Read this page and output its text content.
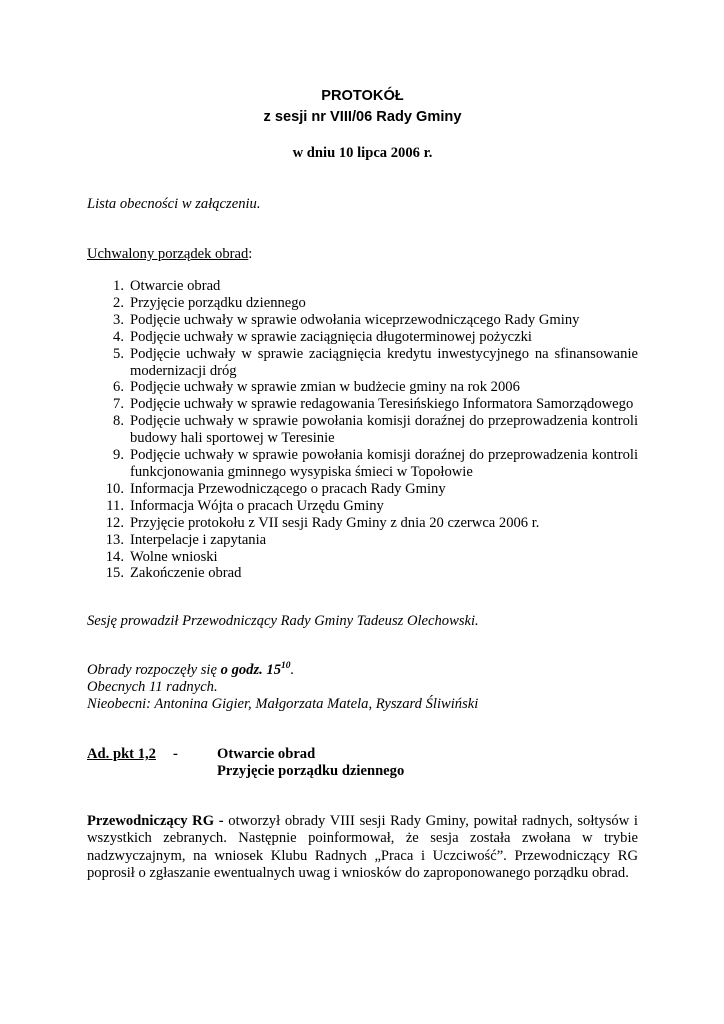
PROTOKÓŁ
z sesji nr VIII/06 Rady Gminy
w dniu 10 lipca 2006 r.
Lista obecności w załączeniu.
Uchwalony porządek obrad:
1. Otwarcie obrad
2. Przyjęcie porządku dziennego
3. Podjęcie uchwały w sprawie odwołania wiceprzewodniczącego Rady Gminy
4. Podjęcie uchwały w sprawie zaciągnięcia długoterminowej pożyczki
5. Podjęcie uchwały w sprawie zaciągnięcia kredytu inwestycyjnego na sfinansowanie modernizacji dróg
6. Podjęcie uchwały w sprawie zmian w budżecie gminy na rok 2006
7. Podjęcie uchwały w sprawie redagowania Teresińskiego Informatora Samorządowego
8. Podjęcie uchwały w sprawie powołania komisji doraźnej do przeprowadzenia kontroli budowy hali sportowej w Teresinie
9. Podjęcie uchwały w sprawie powołania komisji doraźnej do przeprowadzenia kontroli funkcjonowania gminnego wysypiska śmieci w Topołowie
10. Informacja Przewodniczącego o pracach Rady Gminy
11. Informacja Wójta o pracach Urzędu Gminy
12. Przyjęcie protokołu z VII sesji Rady Gminy z dnia 20 czerwca 2006 r.
13. Interpelacje i zapytania
14. Wolne wnioski
15. Zakończenie obrad
Sesję prowadził Przewodniczący Rady Gminy Tadeusz Olechowski.
Obrady rozpoczęły się o godz. $15^{10}$.
Obecnych 11 radnych.
Nieobecni: Antonina Gigier, Małgorzata Matela, Ryszard Śliwiński
Ad. pkt 1,2 -	Otwarcie obrad
Przyjęcie porządku dziennego
Przewodniczący RG - otworzył obrady VIII sesji Rady Gminy, powitał radnych, sołtysów i wszystkich zebranych. Następnie poinformował, że sesja została zwołana w trybie nadzwyczajnym, na wniosek Klubu Radnych „Praca i Uczciwość”. Przewodniczący RG poprosił o zgłaszanie ewentualnych uwag i wniosków do zaproponowanego porządku obrad.
